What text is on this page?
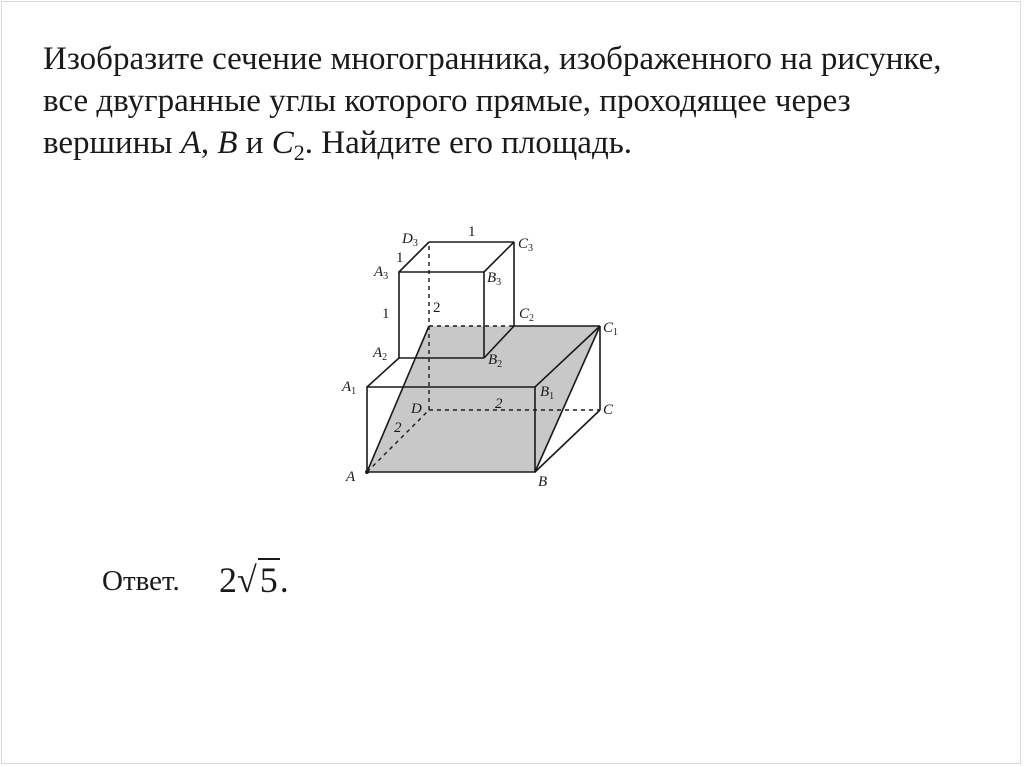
Изобразите сечение многогранника, изображенного на рисунке,
все двугранные углы которого прямые, проходящее через
вершины A, B и $C_2$. Найдите его площадь.
A	B
C
D
$A_1$	$B_1$
$C_1$
$A_2$	$B_2$
$C_2$
$A_3$	$B_3$
$C_3$
$D_3$
1
1
1	2
2
2
Ответ. 2√5.
